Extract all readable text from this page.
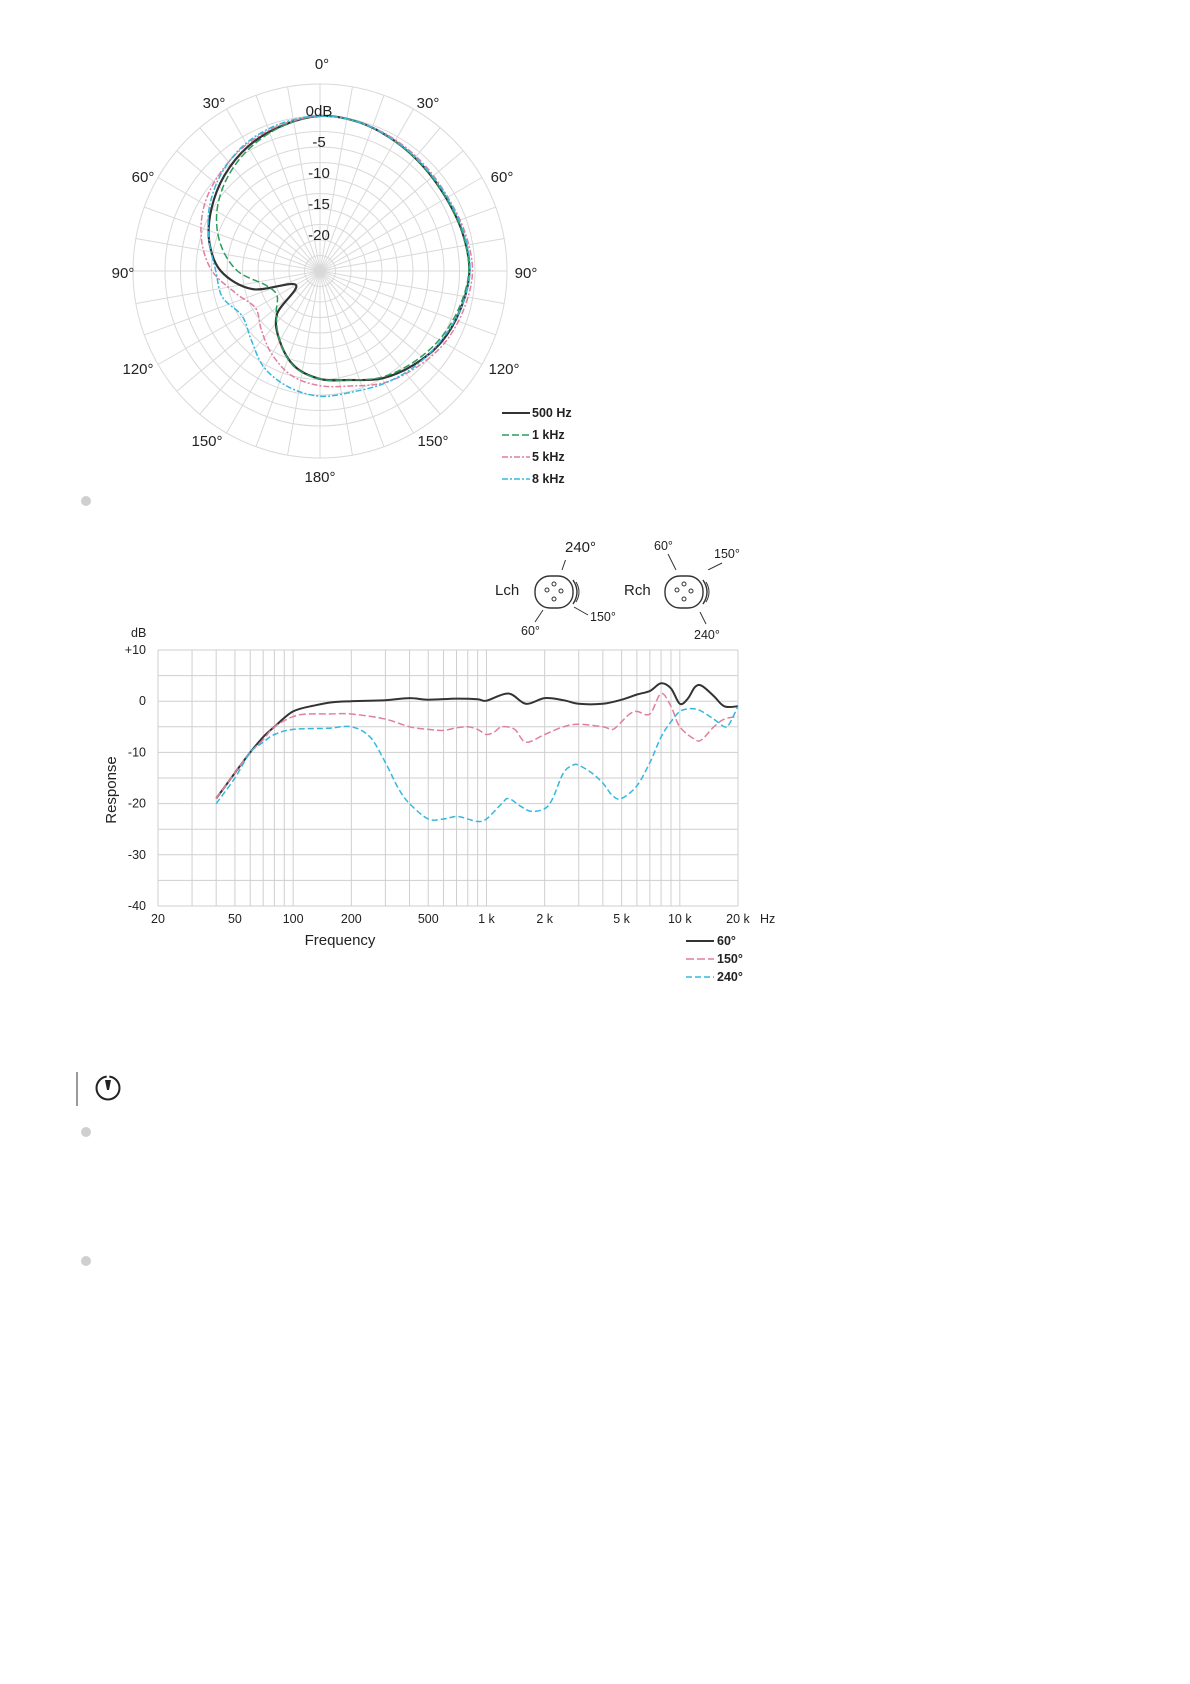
0dB
-5
-10
-15
-20
0°
30°	30°
60°	60°
90°	90°
120°	120°
150°	150°
180°
500 Hz
1 kHz
5 kHz
8 kHz
Lch
60°
150°
Rch
240°
20	50	100	200	500	1 k	2 k	5 k	10 k	20 k
+10
0
-10
-20
-30
-40
dB
Hz
Frequency
Response
60°
150°
240°
240°	60°
150°
